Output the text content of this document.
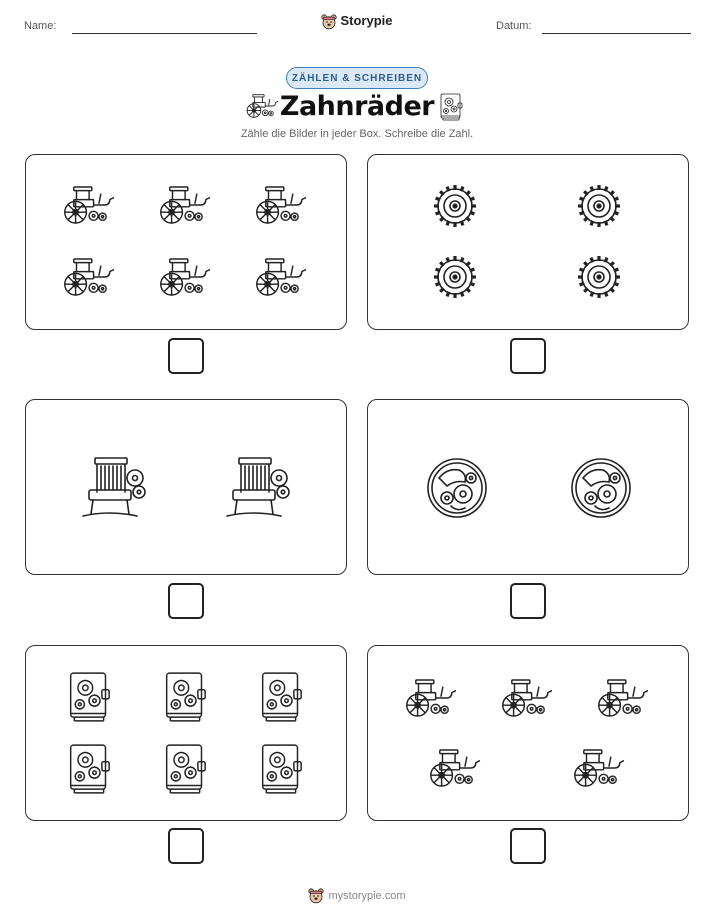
Name:	Storypie	Datum:
ZÄHLEN & SCHREIBEN
Zahnräder
Zähle die Bilder in jeder Box. Schreibe die Zahl.
mystorypie.com
